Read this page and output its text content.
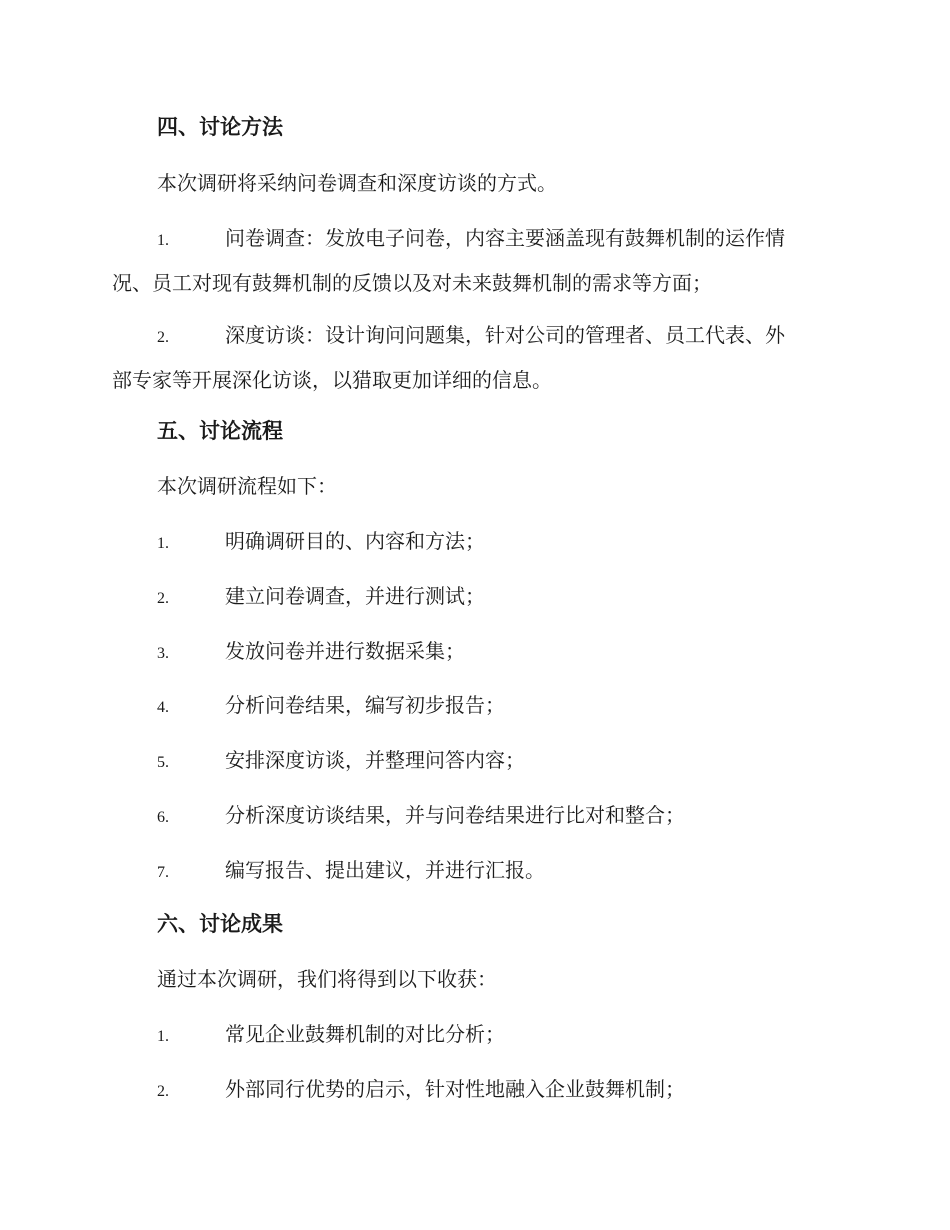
四、讨论方法

本次调研将采纳问卷调查和深度访谈的方式。

1.	问卷调查：发放电子问卷，内容主要涵盖现有鼓舞机制的运作情
况、员工对现有鼓舞机制的反馈以及对未来鼓舞机制的需求等方面；
2.	深度访谈：设计询问问题集，针对公司的管理者、员工代表、外
部专家等开展深化访谈，以猎取更加详细的信息。
五、讨论流程

本次调研流程如下：

1.	明确调研目的、内容和方法；
2.	建立问卷调查，并进行测试；
3.	发放问卷并进行数据采集；
4.	分析问卷结果，编写初步报告；
5.	安排深度访谈，并整理问答内容；
6.	分析深度访谈结果，并与问卷结果进行比对和整合；
7.	编写报告、提出建议，并进行汇报。
六、讨论成果

通过本次调研，我们将得到以下收获：

1.	常见企业鼓舞机制的对比分析；
2.	外部同行优势的启示，针对性地融入企业鼓舞机制；
